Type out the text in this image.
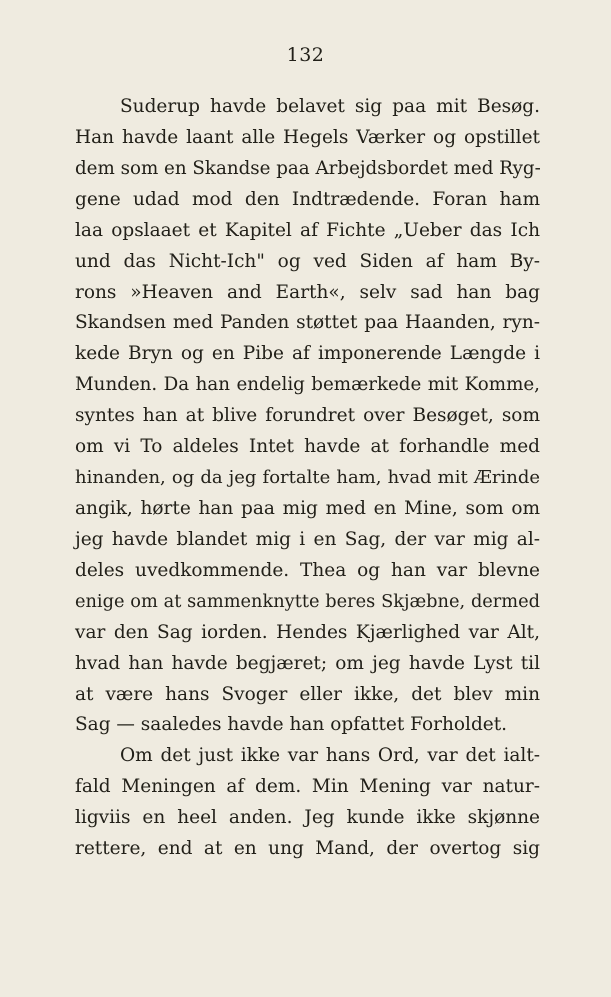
132
Suderup havde belavet sig paa mit Besøg.
Han havde laant alle Hegels Værker og opstillet
dem som en Skandse paa Arbejdsbordet med Ryg-
gene udad mod den Indtrædende. Foran ham
laa opslaaet et Kapitel af Fichte „Ueber das Ich
und das Nicht-Ich" og ved Siden af ham By-
rons »Heaven and Earth«, selv sad han bag
Skandsen med Panden støttet paa Haanden, ryn-
kede Bryn og en Pibe af imponerende Længde i
Munden. Da han endelig bemærkede mit Komme,
syntes han at blive forundret over Besøget, som
om vi To aldeles Intet havde at forhandle med
hinanden, og da jeg fortalte ham, hvad mit Ærinde
angik, hørte han paa mig med en Mine, som om
jeg havde blandet mig i en Sag, der var mig al-
deles uvedkommende. Thea og han var blevne
enige om at sammenknytte beres Skjæbne, dermed
var den Sag iorden. Hendes Kjærlighed var Alt,
hvad han havde begjæret; om jeg havde Lyst til
at være hans Svoger eller ikke, det blev min
Sag — saaledes havde han opfattet Forholdet.
Om det just ikke var hans Ord, var det ialt-
fald Meningen af dem. Min Mening var natur-
ligviis en heel anden. Jeg kunde ikke skjønne
rettere, end at en ung Mand, der overtog sig
